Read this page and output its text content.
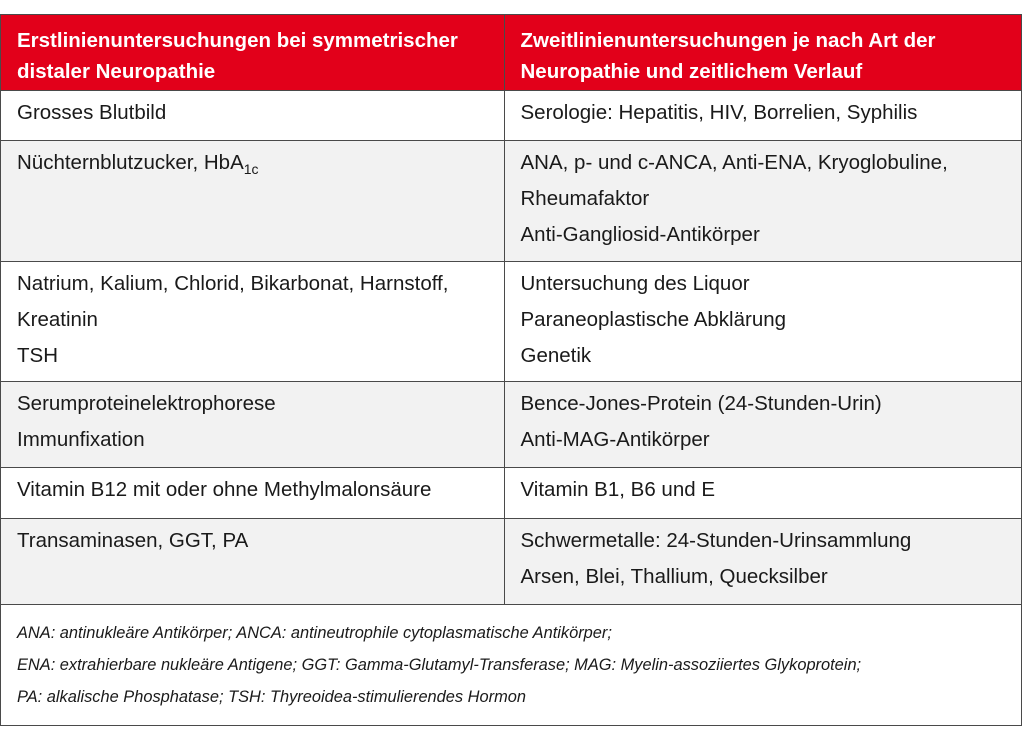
Erstlinienuntersuchungen bei symmetrischer distaler Neuropathie	Zweitlinienuntersuchungen je nach Art der Neuropathie und zeitlichem Verlauf

Grosses Blutbild	Serologie: Hepatitis, HIV, Borrelien, Syphilis

Nüchternblutzucker, HbA$_{1c}$	ANA, p- und c-ANCA, Anti-ENA, Kryoglobuline, Rheumafaktor
Anti-Gangliosid-Antikörper

Natrium, Kalium, Chlorid, Bikarbonat, Harnstoff, Kreatinin
TSH	Untersuchung des Liquor
Paraneoplastische Abklärung
Genetik

Serumproteinelektrophorese
Immunfixation	Bence-Jones-Protein (24-Stunden-Urin)
Anti-MAG-Antikörper

Vitamin B12 mit oder ohne Methylmalonsäure	Vitamin B1, B6 und E

Transaminasen, GGT, PA	Schwermetalle: 24-Stunden-Urinsammlung
Arsen, Blei, Thallium, Quecksilber
ANA: antinukleäre Antikörper; ANCA: antineutrophile cytoplasmatische Antikörper;
ENA: extrahierbare nukleäre Antigene; GGT: Gamma-Glutamyl-Transferase; MAG: Myelin-assoziiertes Glykoprotein;
PA: alkalische Phosphatase; TSH: Thyreoidea-stimulierendes Hormon
